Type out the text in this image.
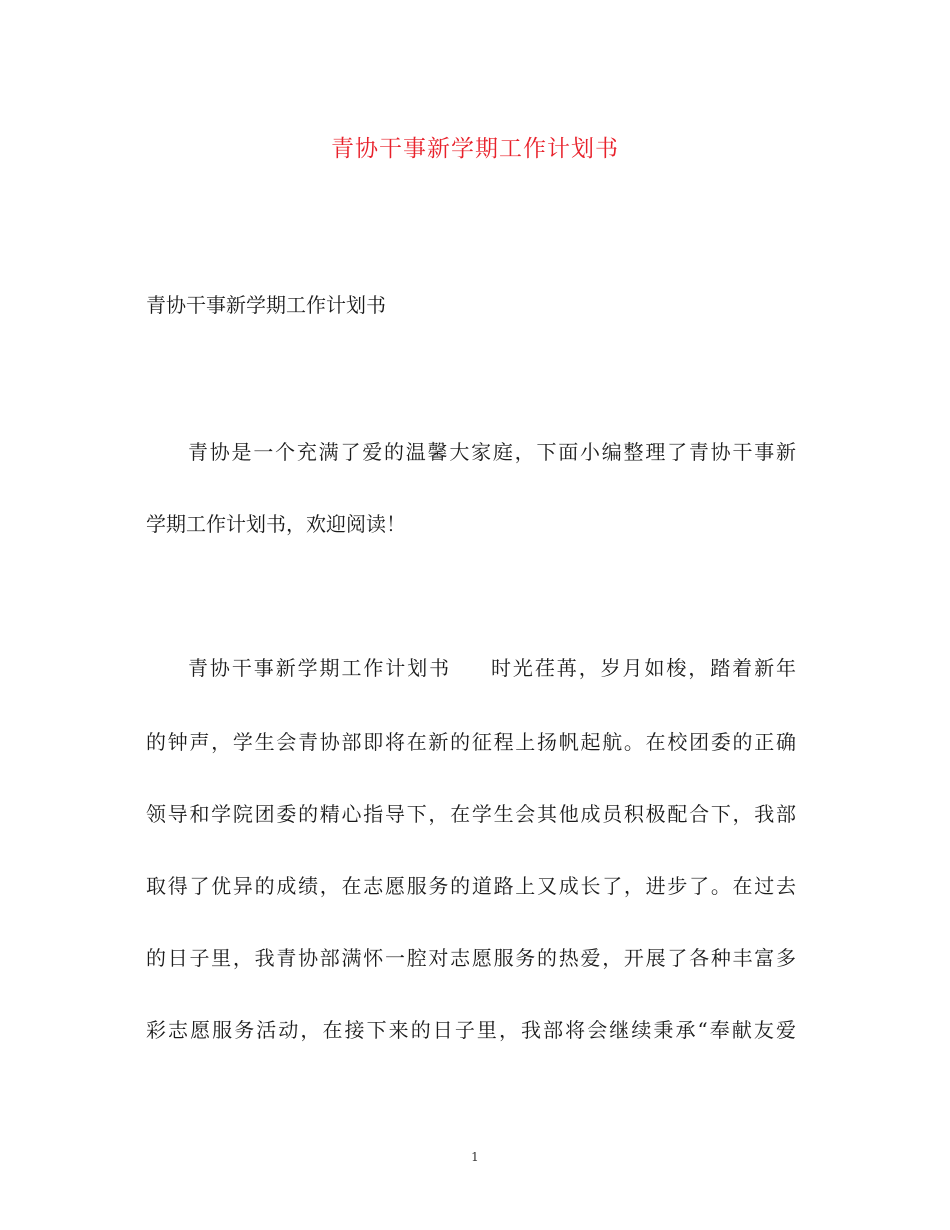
青协干事新学期工作计划书
青协干事新学期工作计划书
青协是一个充满了爱的温馨大家庭，下面小编整理了青协干事新
学期工作计划书，欢迎阅读！
青协干事新学期工作计划书 时光荏苒，岁月如梭，踏着新年
的钟声，学生会青协部即将在新的征程上扬帆起航。在校团委的正确
领导和学院团委的精心指导下，在学生会其他成员积极配合下，我部
取得了优异的成绩，在志愿服务的道路上又成长了，进步了。在过去
的日子里，我青协部满怀一腔对志愿服务的热爱，开展了各种丰富多
彩志愿服务活动，在接下来的日子里，我部将会继续秉承“奉献友爱
1
